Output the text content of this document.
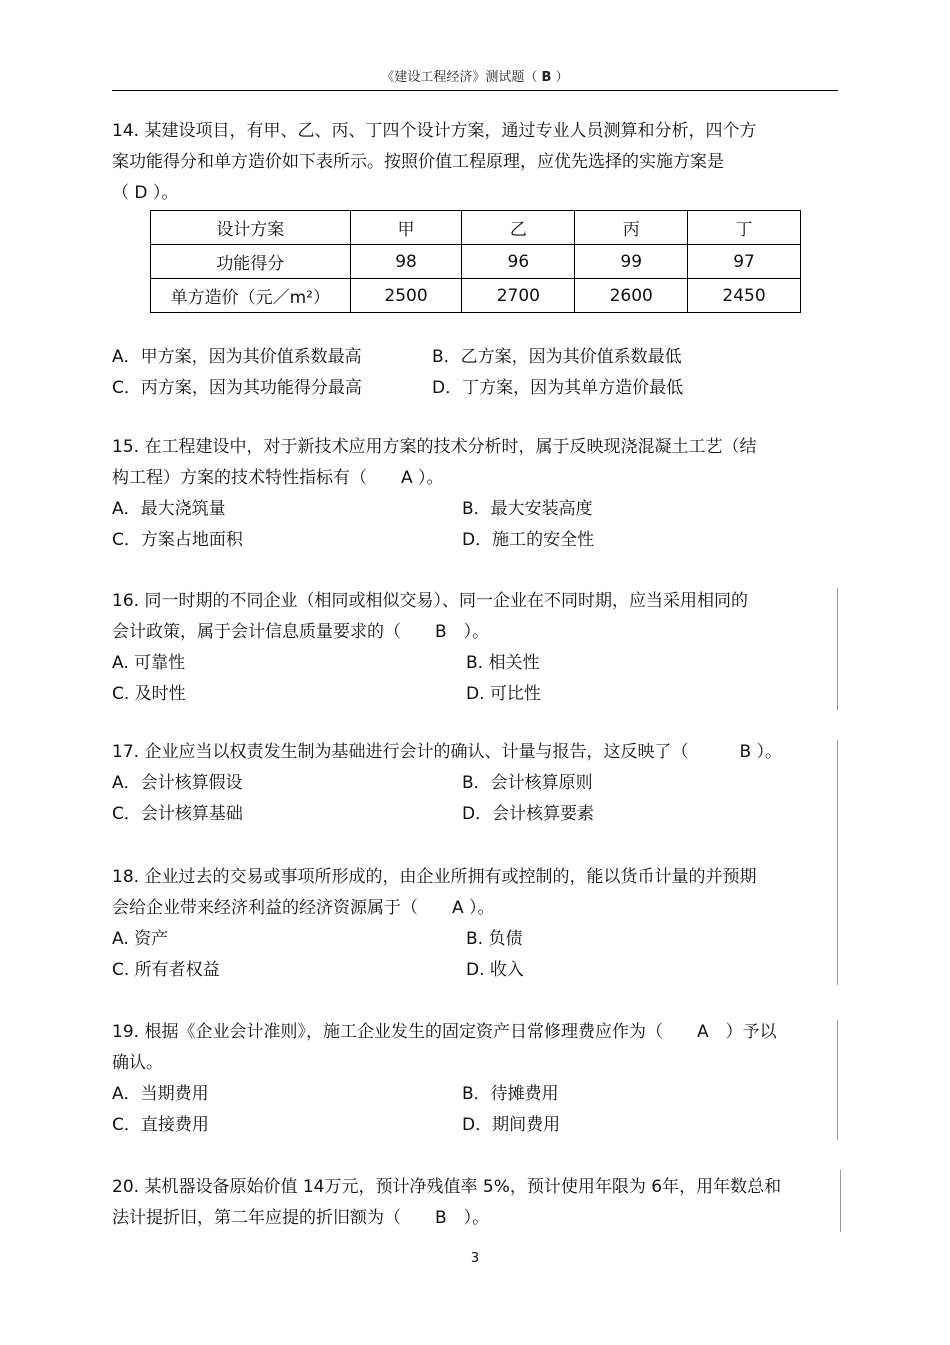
《建设工程经济》测试题（ B ）

14. 某建设项目，有甲、乙、丙、丁四个设计方案，通过专业人员测算和分析，四个方

案功能得分和单方造价如下表所示。按照价值工程原理，应优先选择的实施方案是

（ D ）。

设计方案	甲	乙	丙	丁
功能得分	98	96	99	97
单方造价（元／m²）	2500	2700	2600	2450
A．甲方案，因为其价值系数最高	B．乙方案，因为其价值系数最低
C．丙方案，因为其功能得分最高	D．丁方案，因为其单方造价最低

15. 在工程建设中，对于新技术应用方案的技术分析时，属于反映现浇混凝土工艺（结

构工程）方案的技术特性指标有（　　A ）。

A．最大浇筑量	B．最大安装高度
C．方案占地面积	D．施工的安全性

16. 同一时期的不同企业（相同或相似交易）、同一企业在不同时期，应当采用相同的

会计政策，属于会计信息质量要求的（　　B　）。

A. 可靠性	B. 相关性
C. 及时性	D. 可比性

17. 企业应当以权责发生制为基础进行会计的确认、计量与报告，这反映了（　　　B ）。

A．会计核算假设	B．会计核算原则
C．会计核算基础	D．会计核算要素

18. 企业过去的交易或事项所形成的，由企业所拥有或控制的，能以货币计量的并预期

会给企业带来经济利益的经济资源属于（　　A ）。

A. 资产	B. 负债
C. 所有者权益	D. 收入

19. 根据《企业会计准则》，施工企业发生的固定资产日常修理费应作为（　　A　）予以

确认。

A．当期费用	B．待摊费用
C．直接费用	D．期间费用

20. 某机器设备原始价值 14万元，预计净残值率 5%，预计使用年限为 6年，用年数总和

法计提折旧，第二年应提的折旧额为（　　B　）。

3
